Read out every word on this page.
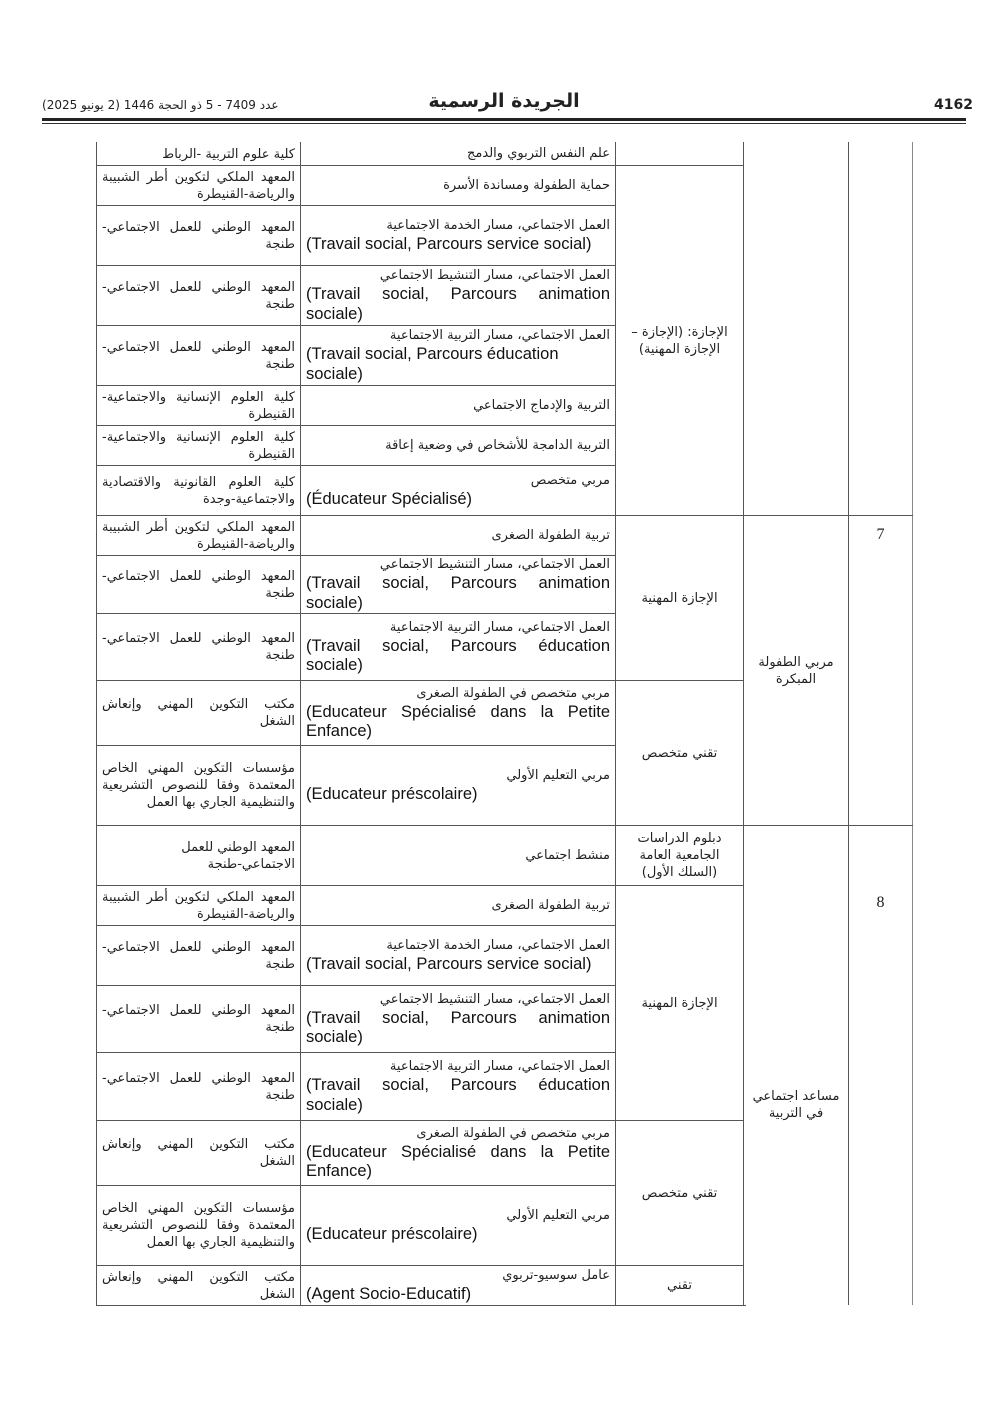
4162
الجريدة الرسمية
عدد 7409 - 5 ذو الحجة 1446 (2 يونيو 2025)
الإجازة: (الإجازة – الإجازة المهنية)
علم النفس التربوي والدمج
كلية علوم التربية -الرباط
حماية الطفولة ومساندة الأسرة
المعهد الملكي لتكوين أطر الشبيبة والرياضة-القنيطرة
العمل الاجتماعي، مسار الخدمة الاجتماعية
(Travail social, Parcours service social)
المعهد الوطني للعمل الاجتماعي-طنجة
العمل الاجتماعي، مسار التنشيط الاجتماعي
(Travail social, Parcours animation sociale)
المعهد الوطني للعمل الاجتماعي-طنجة
العمل الاجتماعي، مسار التربية الاجتماعية
(Travail social, Parcours éducation sociale)
المعهد الوطني للعمل الاجتماعي-طنجة
التربية والإدماج الاجتماعي
كلية العلوم الإنسانية والاجتماعية-القنيطرة
التربية الدامجة للأشخاص في وضعية إعاقة
كلية العلوم الإنسانية والاجتماعية-القنيطرة
مربي متخصص
(Éducateur Spécialisé)
كلية العلوم القانونية والاقتصادية والاجتماعية-وجدة
7
مربي الطفولة المبكرة
الإجازة المهنية
تقني متخصص
تربية الطفولة الصغرى
المعهد الملكي لتكوين أطر الشبيبة والرياضة-القنيطرة
العمل الاجتماعي، مسار التنشيط الاجتماعي
(Travail social, Parcours animation sociale)
المعهد الوطني للعمل الاجتماعي-طنجة
العمل الاجتماعي، مسار التربية الاجتماعية
(Travail social, Parcours éducation sociale)
المعهد الوطني للعمل الاجتماعي-طنجة
مربي متخصص في الطفولة الصغرى
(Educateur Spécialisé dans la Petite Enfance)
مكتب التكوين المهني وإنعاش الشغل
مربي التعليم الأولي
(Educateur préscolaire)
مؤسسات التكوين المهني الخاص المعتمدة وفقا للنصوص التشريعية والتنظيمية الجاري بها العمل
8
مساعد اجتماعي في التربية
دبلوم الدراسات الجامعية العامة (السلك الأول)
الإجازة المهنية
تقني متخصص
تقني
منشط اجتماعي
المعهد الوطني للعمل الاجتماعي-طنجة
تربية الطفولة الصغرى
المعهد الملكي لتكوين أطر الشبيبة والرياضة-القنيطرة
العمل الاجتماعي، مسار الخدمة الاجتماعية
(Travail social, Parcours service social)
المعهد الوطني للعمل الاجتماعي-طنجة
العمل الاجتماعي، مسار التنشيط الاجتماعي
(Travail social, Parcours animation sociale)
المعهد الوطني للعمل الاجتماعي-طنجة
العمل الاجتماعي، مسار التربية الاجتماعية
(Travail social, Parcours éducation sociale)
المعهد الوطني للعمل الاجتماعي-طنجة
مربي متخصص في الطفولة الصغرى
(Educateur Spécialisé dans la Petite Enfance)
مكتب التكوين المهني وإنعاش الشغل
مربي التعليم الأولي
(Educateur préscolaire)
مؤسسات التكوين المهني الخاص المعتمدة وفقا للنصوص التشريعية والتنظيمية الجاري بها العمل
عامل سوسيو-تربوي
(Agent Socio-Educatif)
مكتب التكوين المهني وإنعاش الشغل
